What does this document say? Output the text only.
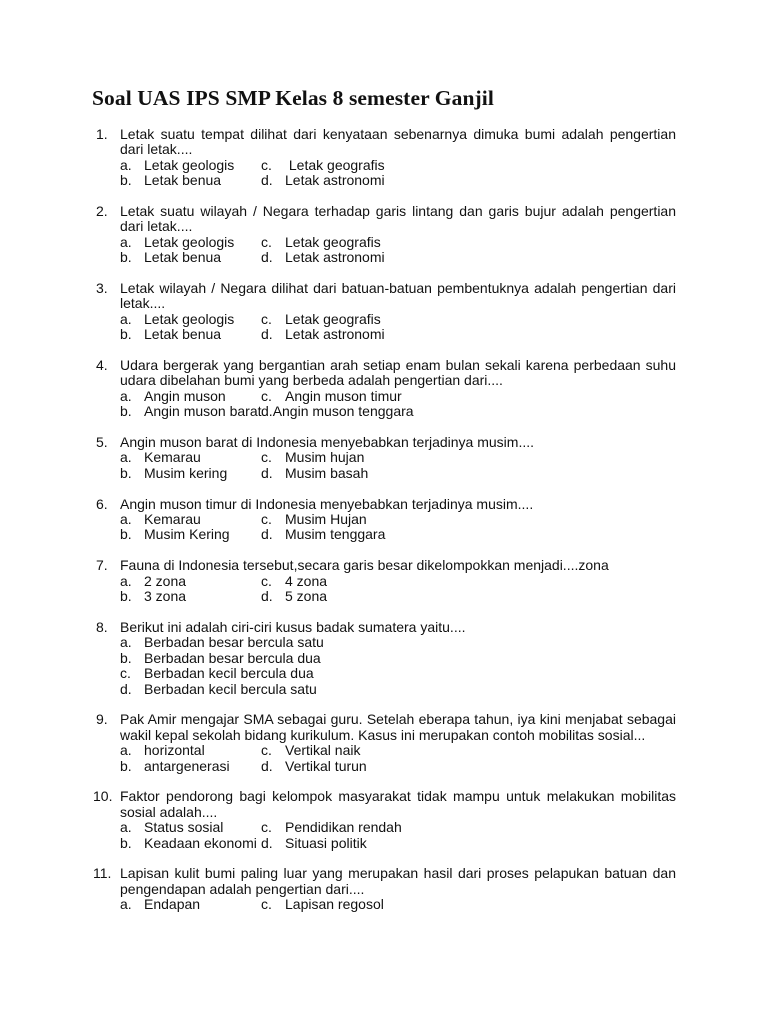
Soal UAS IPS SMP Kelas 8 semester Ganjil
1. Letak suatu tempat dilihat dari kenyataan sebenarnya dimuka bumi adalah pengertian dari letak....
a. Letak geologis	c. Letak geografis
b. Letak benua	d. Letak astronomi
2. Letak suatu wilayah / Negara terhadap garis lintang dan garis bujur adalah pengertian dari letak....
a. Letak geologis	c. Letak geografis
b. Letak benua	d. Letak astronomi
3. Letak wilayah / Negara dilihat dari batuan-batuan pembentuknya adalah pengertian dari letak....
a. Letak geologis	c. Letak geografis
b. Letak benua	d. Letak astronomi
4. Udara bergerak yang bergantian arah setiap enam bulan sekali karena perbedaan suhu udara dibelahan bumi yang berbeda adalah pengertian dari....
a. Angin muson	c. Angin muson timur
b. Angin muson barat d.Angin muson tenggara
5. Angin muson barat di Indonesia menyebabkan terjadinya musim....
a. Kemarau	c. Musim hujan
b. Musim kering	d. Musim basah
6. Angin muson timur di Indonesia menyebabkan terjadinya musim....
a. Kemarau	c. Musim Hujan
b. Musim Kering	d. Musim tenggara
7. Fauna di Indonesia tersebut,secara garis besar dikelompokkan menjadi....zona
a. 2 zona	c. 4 zona
b. 3 zona	d. 5 zona
8. Berikut ini adalah ciri-ciri kusus badak sumatera yaitu....
a. Berbadan besar bercula satu
b. Berbadan besar bercula dua
c. Berbadan kecil bercula dua
d. Berbadan kecil bercula satu
9. Pak Amir mengajar SMA sebagai guru. Setelah eberapa tahun, iya kini menjabat sebagai wakil kepal sekolah bidang kurikulum. Kasus ini merupakan contoh mobilitas sosial...
a. horizontal	c. Vertikal naik
b. antargenerasi	d. Vertikal turun
10. Faktor pendorong bagi kelompok masyarakat tidak mampu untuk melakukan mobilitas sosial adalah....
a. Status sosial	c. Pendidikan rendah
b. Keadaan ekonomi d. Situasi politik
11. Lapisan kulit bumi paling luar yang merupakan hasil dari proses pelapukan batuan dan pengendapan adalah pengertian dari....
a. Endapan	c. Lapisan regosol
